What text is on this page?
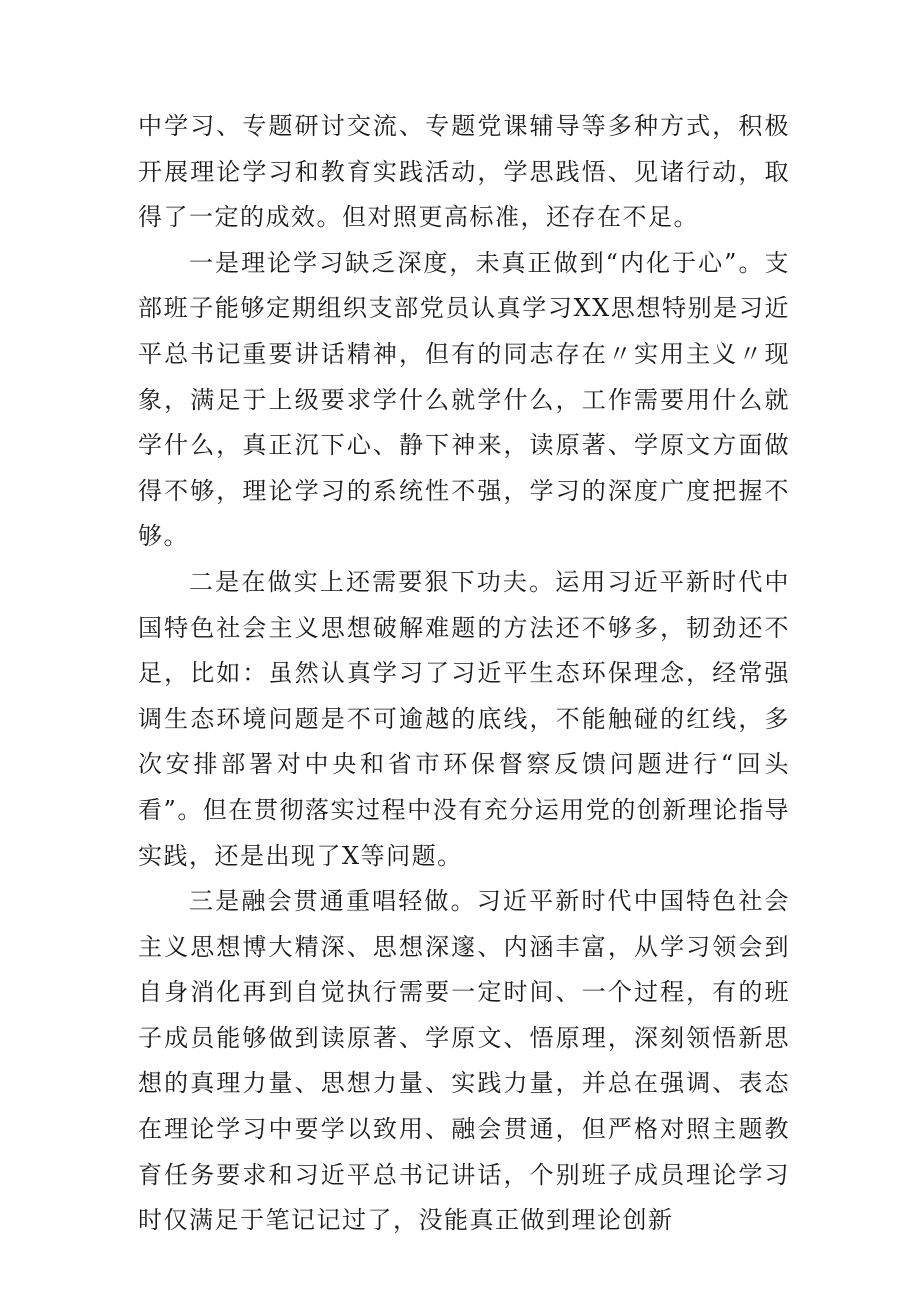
中学习、专题研讨交流、专题党课辅导等多种方式，积极开展理论学习和教育实践活动，学思践悟、见诸行动，取得了一定的成效。但对照更高标准，还存在不足。

一是理论学习缺乏深度，未真正做到“内化于心”。支部班子能够定期组织支部党员认真学习XX思想特别是习近平总书记重要讲话精神，但有的同志存在〃实用主义〃现象，满足于上级要求学什么就学什么，工作需要用什么就学什么，真正沉下心、静下神来，读原著、学原文方面做得不够，理论学习的系统性不强，学习的深度广度把握不够。

二是在做实上还需要狠下功夫。运用习近平新时代中国特色社会主义思想破解难题的方法还不够多，韧劲还不足，比如：虽然认真学习了习近平生态环保理念，经常强调生态环境问题是不可逾越的底线，不能触碰的红线，多次安排部署对中央和省市环保督察反馈问题进行“回头看”。但在贯彻落实过程中没有充分运用党的创新理论指导实践，还是出现了X等问题。

三是融会贯通重唱轻做。习近平新时代中国特色社会主义思想博大精深、思想深邃、内涵丰富，从学习领会到自身消化再到自觉执行需要一定时间、一个过程，有的班子成员能够做到读原著、学原文、悟原理，深刻领悟新思想的真理力量、思想力量、实践力量，并总在强调、表态在理论学习中要学以致用、融会贯通，但严格对照主题教育任务要求和习近平总书记讲话，个别班子成员理论学习时仅满足于笔记记过了，没能真正做到理论创新
